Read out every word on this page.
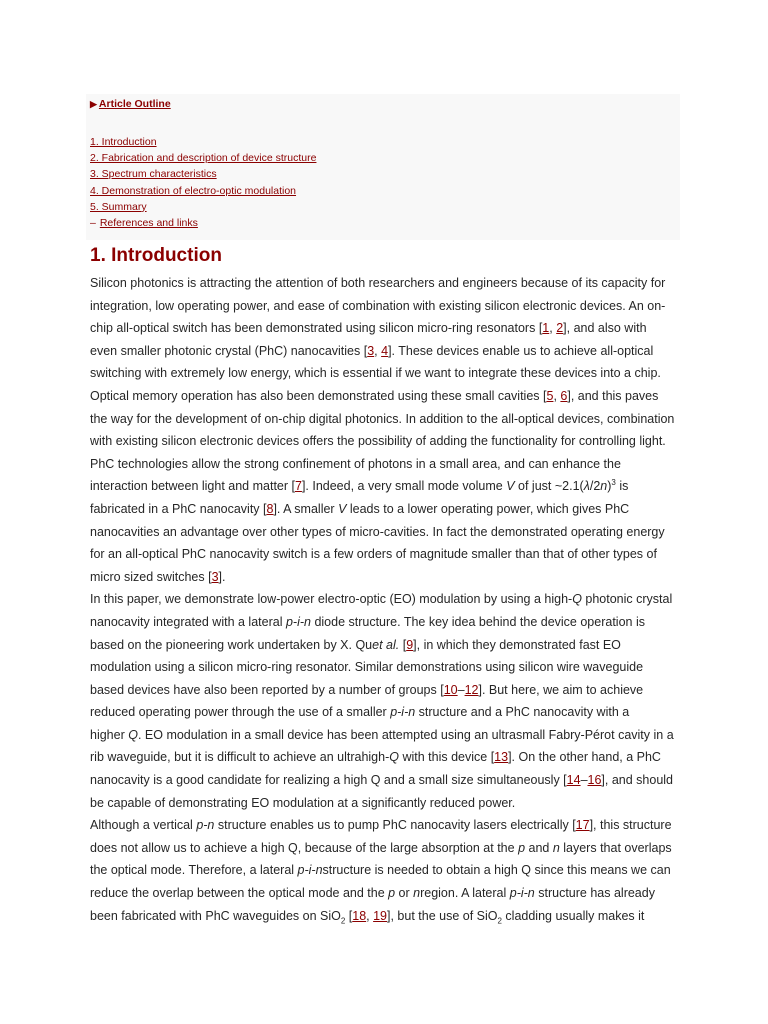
▶ Article Outline
1. Introduction
2. Fabrication and description of device structure
3. Spectrum characteristics
4. Demonstration of electro-optic modulation
5. Summary
– References and links
1. Introduction
Silicon photonics is attracting the attention of both researchers and engineers because of its capacity for
integration, low operating power, and ease of combination with existing silicon electronic devices. An on-
chip all-optical switch has been demonstrated using silicon micro-ring resonators [1, 2], and also with
even smaller photonic crystal (PhC) nanocavities [3, 4]. These devices enable us to achieve all-optical
switching with extremely low energy, which is essential if we want to integrate these devices into a chip.
Optical memory operation has also been demonstrated using these small cavities [5, 6], and this paves
the way for the development of on-chip digital photonics. In addition to the all-optical devices, combination
with existing silicon electronic devices offers the possibility of adding the functionality for controlling light.
PhC technologies allow the strong confinement of photons in a small area, and can enhance the
interaction between light and matter [7]. Indeed, a very small mode volume V of just $\sim 2.1(\lambda/2n)^3$ is
fabricated in a PhC nanocavity [8]. A smaller V leads to a lower operating power, which gives PhC
nanocavities an advantage over other types of micro-cavities. In fact the demonstrated operating energy
for an all-optical PhC nanocavity switch is a few orders of magnitude smaller than that of other types of
micro sized switches [3].
In this paper, we demonstrate low-power electro-optic (EO) modulation by using a high-Q photonic crystal
nanocavity integrated with a lateral p-i-n diode structure. The key idea behind the device operation is
based on the pioneering work undertaken by X. Quet al. [9], in which they demonstrated fast EO
modulation using a silicon micro-ring resonator. Similar demonstrations using silicon wire waveguide
based devices have also been reported by a number of groups [10–12]. But here, we aim to achieve
reduced operating power through the use of a smaller p-i-n structure and a PhC nanocavity with a
higher Q. EO modulation in a small device has been attempted using an ultrasmall Fabry-Pérot cavity in a
rib waveguide, but it is difficult to achieve an ultrahigh-Q with this device [13]. On the other hand, a PhC
nanocavity is a good candidate for realizing a high Q and a small size simultaneously [14–16], and should
be capable of demonstrating EO modulation at a significantly reduced power.
Although a vertical p-n structure enables us to pump PhC nanocavity lasers electrically [17], this structure
does not allow us to achieve a high Q, because of the large absorption at the p and n layers that overlaps
the optical mode. Therefore, a lateral p-i-nstructure is needed to obtain a high Q since this means we can
reduce the overlap between the optical mode and the p or nregion. A lateral p-i-n structure has already
been fabricated with PhC waveguides on SiO$_2$ [18, 19], but the use of SiO$_2$ cladding usually makes it
